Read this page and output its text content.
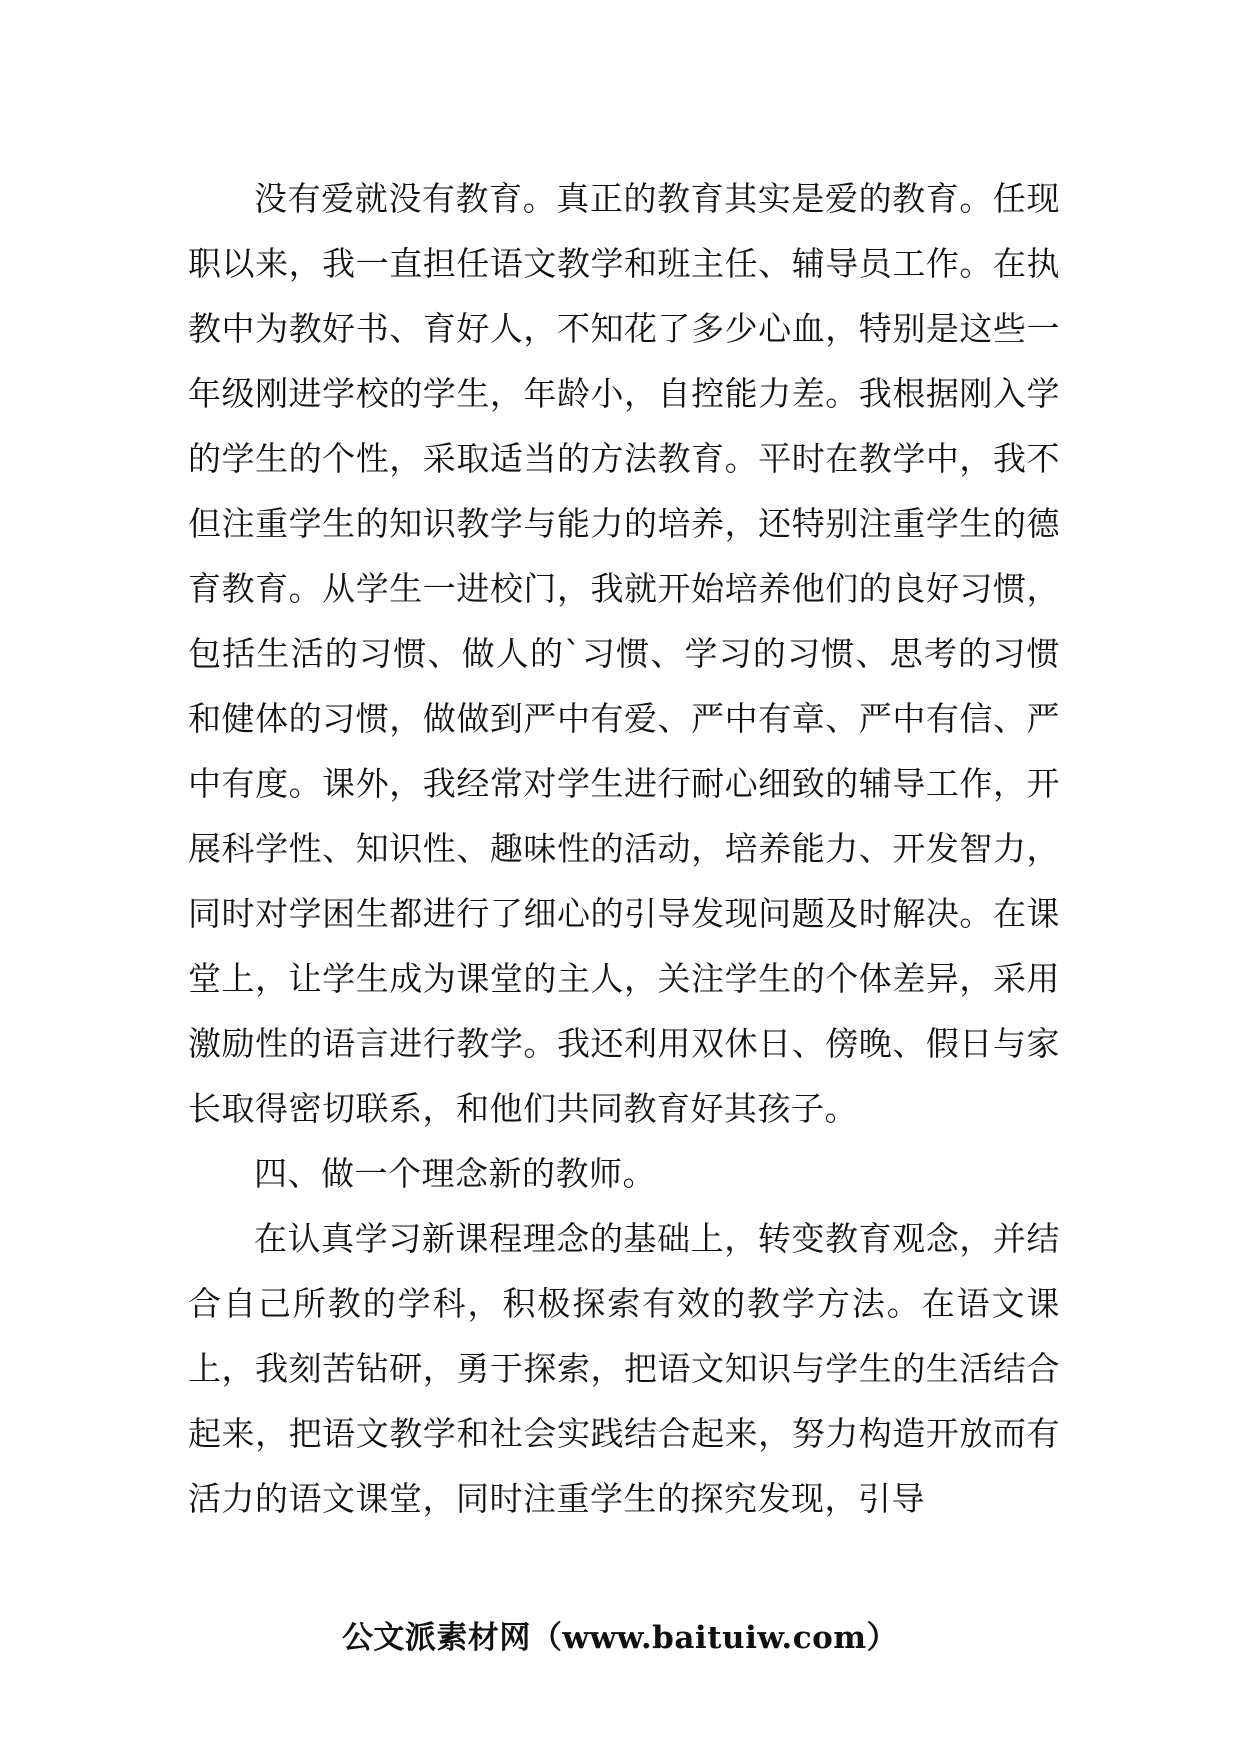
没有爱就没有教育。真正的教育其实是爱的教育。任现职以来，我一直担任语文教学和班主任、辅导员工作。在执教中为教好书、育好人，不知花了多少心血，特别是这些一年级刚进学校的学生，年龄小，自控能力差。我根据刚入学的学生的个性，采取适当的方法教育。平时在教学中，我不但注重学生的知识教学与能力的培养，还特别注重学生的德育教育。从学生一进校门，我就开始培养他们的良好习惯，包括生活的习惯、做人的`习惯、学习的习惯、思考的习惯和健体的习惯，做做到严中有爱、严中有章、严中有信、严中有度。课外，我经常对学生进行耐心细致的辅导工作，开展科学性、知识性、趣味性的活动，培养能力、开发智力，同时对学困生都进行了细心的引导发现问题及时解决。在课堂上，让学生成为课堂的主人，关注学生的个体差异，采用激励性的语言进行教学。我还利用双休日、傍晚、假日与家长取得密切联系，和他们共同教育好其孩子。

四、做一个理念新的教师。

在认真学习新课程理念的基础上，转变教育观念，并结合自己所教的学科，积极探索有效的教学方法。在语文课上，我刻苦钻研，勇于探索，把语文知识与学生的生活结合起来，把语文教学和社会实践结合起来，努力构造开放而有活力的语文课堂，同时注重学生的探究发现，引导

公文派素材网（www.baituiw.com）
